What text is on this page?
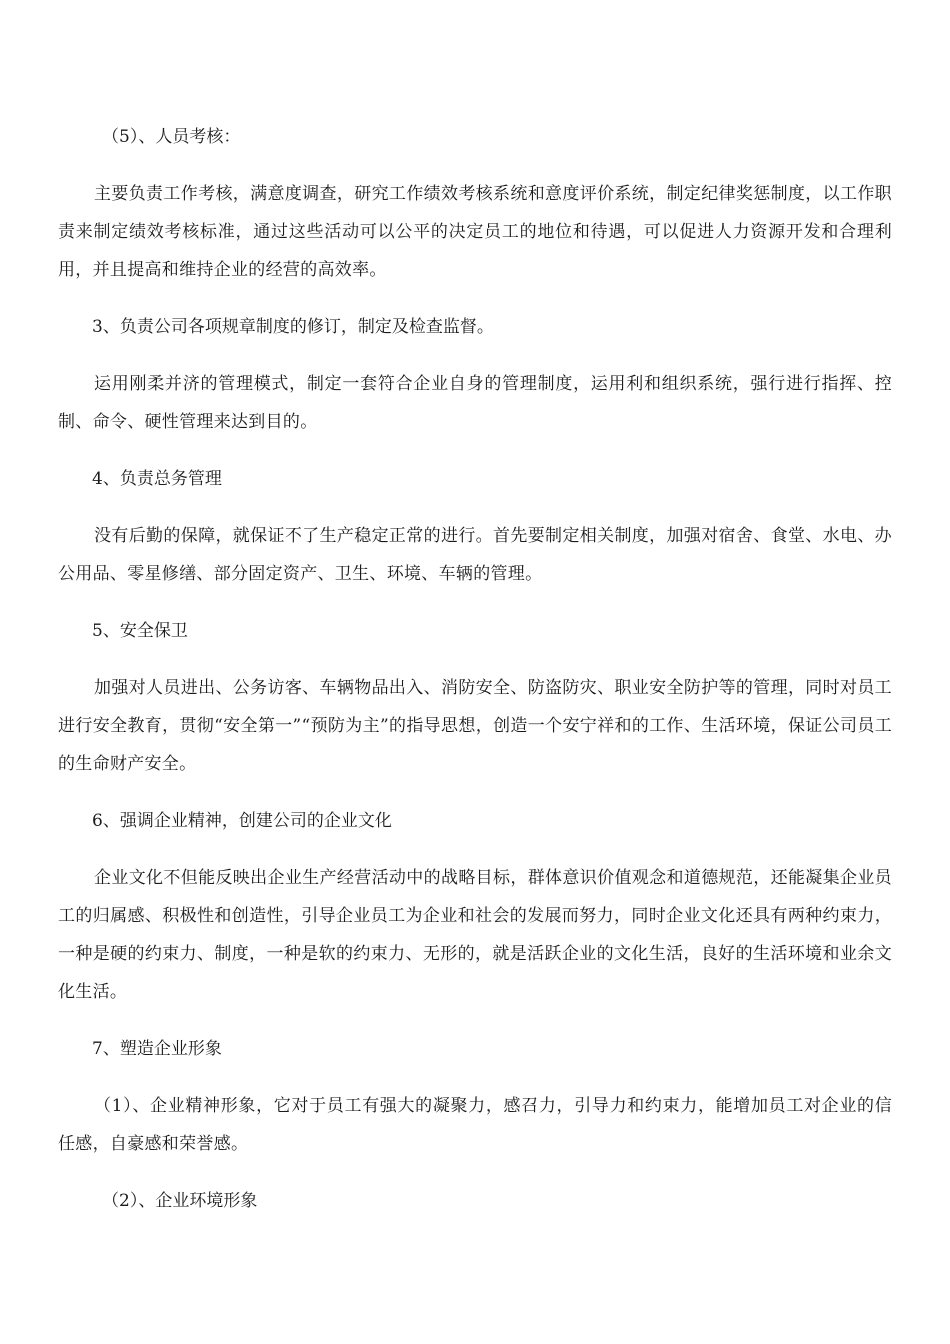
（5）、人员考核：

主要负责工作考核，满意度调查，研究工作绩效考核系统和意度评价系统，制定纪律奖惩制度，以工作职责来制定绩效考核标准，通过这些活动可以公平的决定员工的地位和待遇，可以促进人力资源开发和合理利用，并且提高和维持企业的经营的高效率。

3、负责公司各项规章制度的修订，制定及检查监督。

运用刚柔并济的管理模式，制定一套符合企业自身的管理制度，运用利和组织系统，强行进行指挥、控制、命令、硬性管理来达到目的。

4、负责总务管理

没有后勤的保障，就保证不了生产稳定正常的进行。首先要制定相关制度，加强对宿舍、食堂、水电、办公用品、零星修缮、部分固定资产、卫生、环境、车辆的管理。

5、安全保卫

加强对人员进出、公务访客、车辆物品出入、消防安全、防盗防灾、职业安全防护等的管理，同时对员工进行安全教育，贯彻“安全第一”“预防为主”的指导思想，创造一个安宁祥和的工作、生活环境，保证公司员工的生命财产安全。

6、强调企业精神，创建公司的企业文化

企业文化不但能反映出企业生产经营活动中的战略目标，群体意识价值观念和道德规范，还能凝集企业员工的归属感、积极性和创造性，引导企业员工为企业和社会的发展而努力，同时企业文化还具有两种约束力，一种是硬的约束力、制度，一种是软的约束力、无形的，就是活跃企业的文化生活，良好的生活环境和业余文化生活。

7、塑造企业形象

（1）、企业精神形象，它对于员工有强大的凝聚力，感召力，引导力和约束力，能增加员工对企业的信任感，自豪感和荣誉感。

（2）、企业环境形象
